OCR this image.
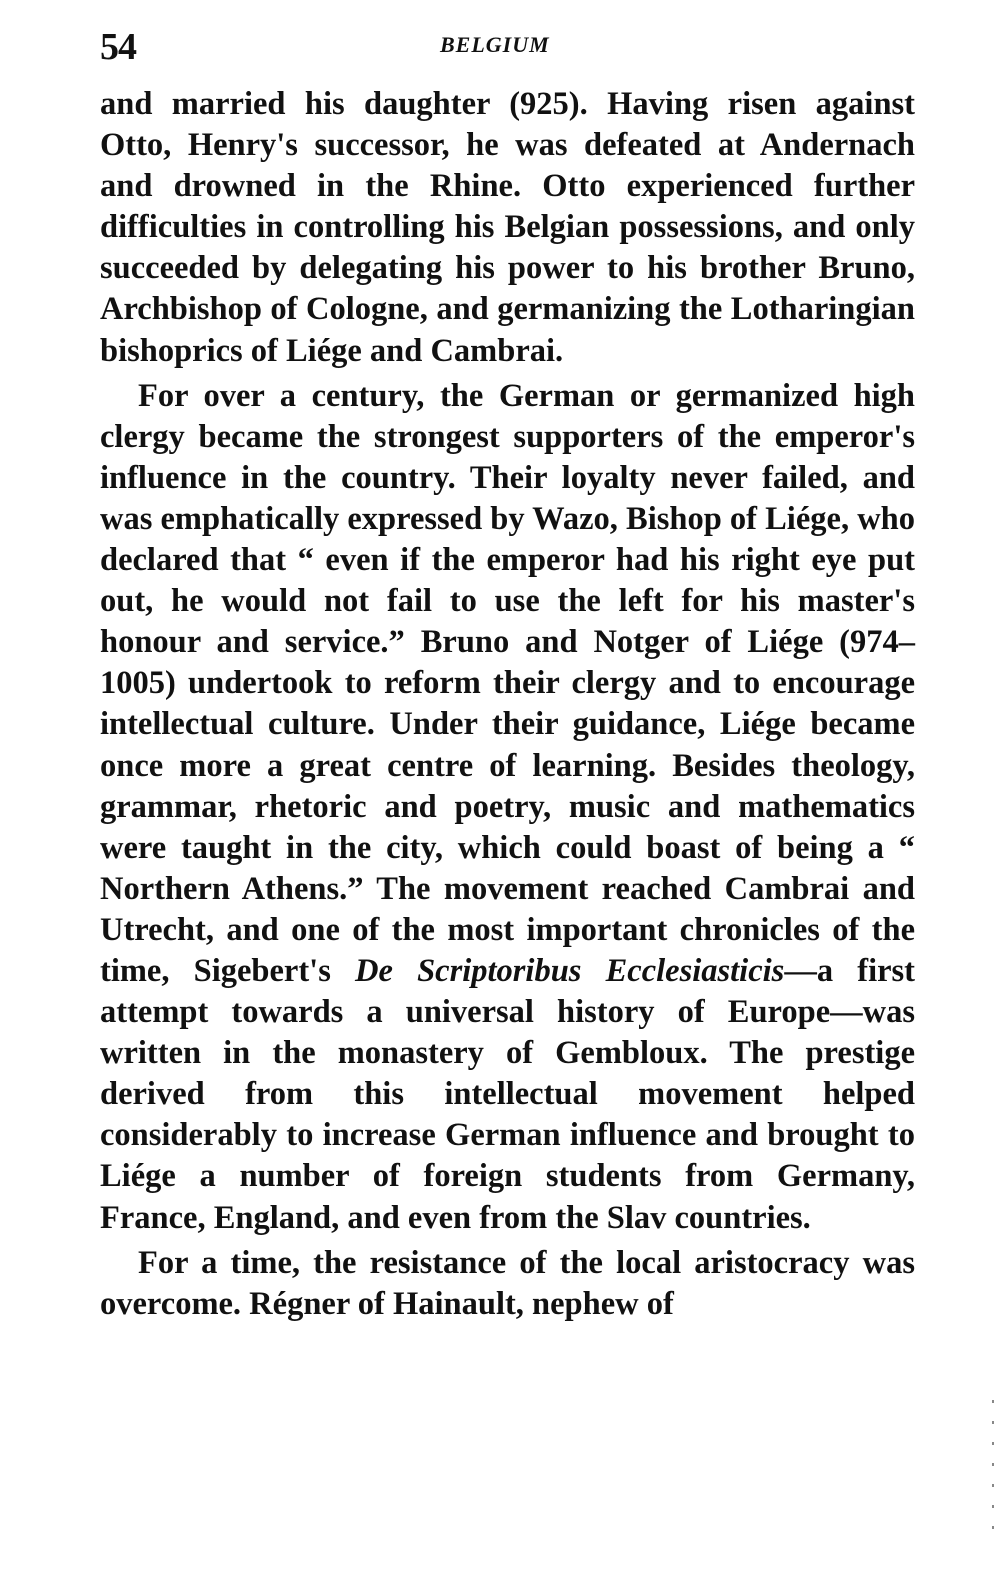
54	BELGIUM

and married his daughter (925). Having risen against Otto, Henry's successor, he was defeated at Andernach and drowned in the Rhine. Otto experienced further difficulties in controlling his Belgian possessions, and only succeeded by delegating his power to his brother Bruno, Archbishop of Cologne, and germanizing the Lotharingian bishoprics of Liége and Cambrai.

For over a century, the German or germanized high clergy became the strongest supporters of the emperor's influence in the country. Their loyalty never failed, and was emphatically expressed by Wazo, Bishop of Liége, who declared that “ even if the emperor had his right eye put out, he would not fail to use the left for his master's honour and service.” Bruno and Notger of Liége (974–1005) undertook to reform their clergy and to encourage intellectual culture. Under their guidance, Liége became once more a great centre of learning. Besides theology, grammar, rhetoric and poetry, music and mathematics were taught in the city, which could boast of being a “ Northern Athens.” The movement reached Cambrai and Utrecht, and one of the most important chronicles of the time, Sigebert's De Scriptoribus Ecclesiasticis—a first attempt towards a universal history of Europe—was written in the monastery of Gembloux. The prestige derived from this intellectual movement helped considerably to increase German influence and brought to Liége a number of foreign students from Germany, France, England, and even from the Slav countries.

For a time, the resistance of the local aristocracy was overcome. Régner of Hainault, nephew of
